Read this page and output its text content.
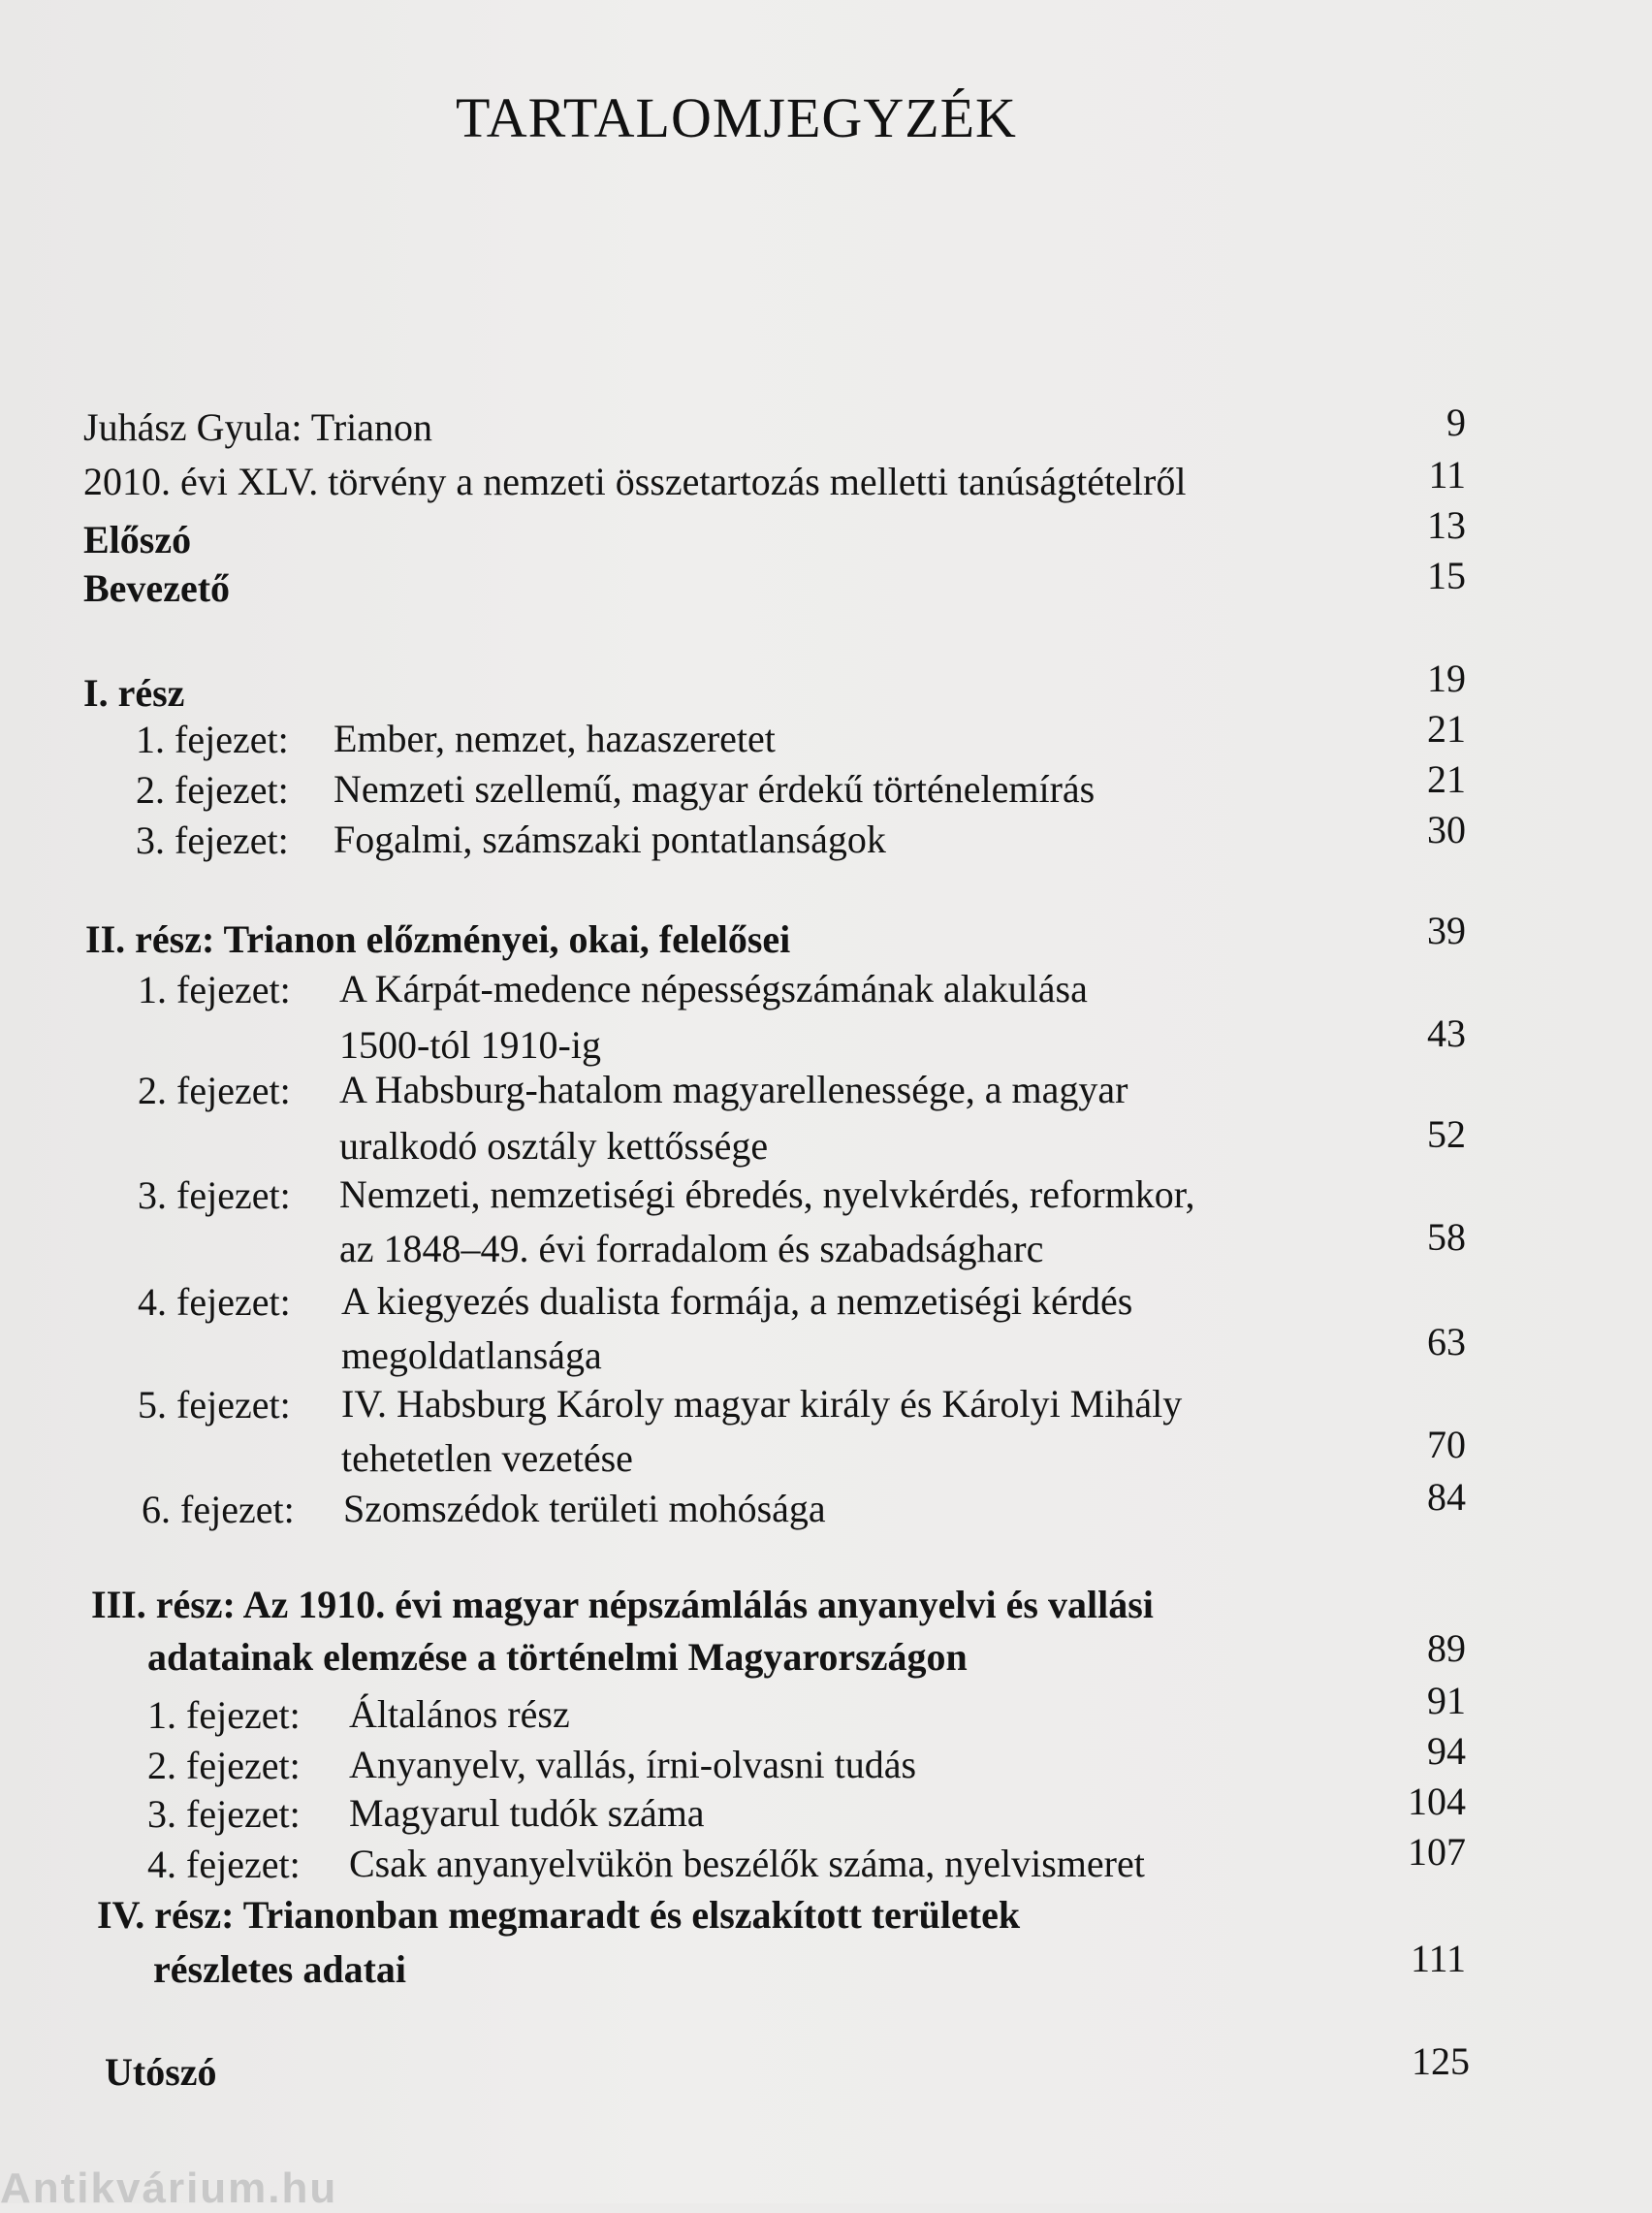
TARTALOMJEGYZÉK
Juhász Gyula: Trianon	9
2010. évi XLV. törvény a nemzeti összetartozás melletti tanúságtételről	11
Előszó	13
Bevezető	15
I. rész	19
1. fejezet: Ember, nemzet, hazaszeretet	21
2. fejezet: Nemzeti szellemű, magyar érdekű történelemírás	21
3. fejezet: Fogalmi, számszaki pontatlanságok	30
II. rész: Trianon előzményei, okai, felelősei	39
1. fejezet: A Kárpát-medence népességszámának alakulása
1500-tól 1910-ig	43
2. fejezet: A Habsburg-hatalom magyarellenessége, a magyar
uralkodó osztály kettőssége	52
3. fejezet: Nemzeti, nemzetiségi ébredés, nyelvkérdés, reformkor,
az 1848–49. évi forradalom és szabadságharc	58
4. fejezet: A kiegyezés dualista formája, a nemzetiségi kérdés
megoldatlansága	63
5. fejezet: IV. Habsburg Károly magyar király és Károlyi Mihály
tehetetlen vezetése	70
6. fejezet: Szomszédok területi mohósága	84
III. rész: Az 1910. évi magyar népszámlálás anyanyelvi és vallási
adatainak elemzése a történelmi Magyarországon	89
1. fejezet: Általános rész	91
2. fejezet: Anyanyelv, vallás, írni-olvasni tudás	94
3. fejezet: Magyarul tudók száma	104
4. fejezet: Csak anyanyelvükön beszélők száma, nyelvismeret	107
IV. rész: Trianonban megmaradt és elszakított területek
részletes adatai	111
Utószó	125
Antikvárium.hu
